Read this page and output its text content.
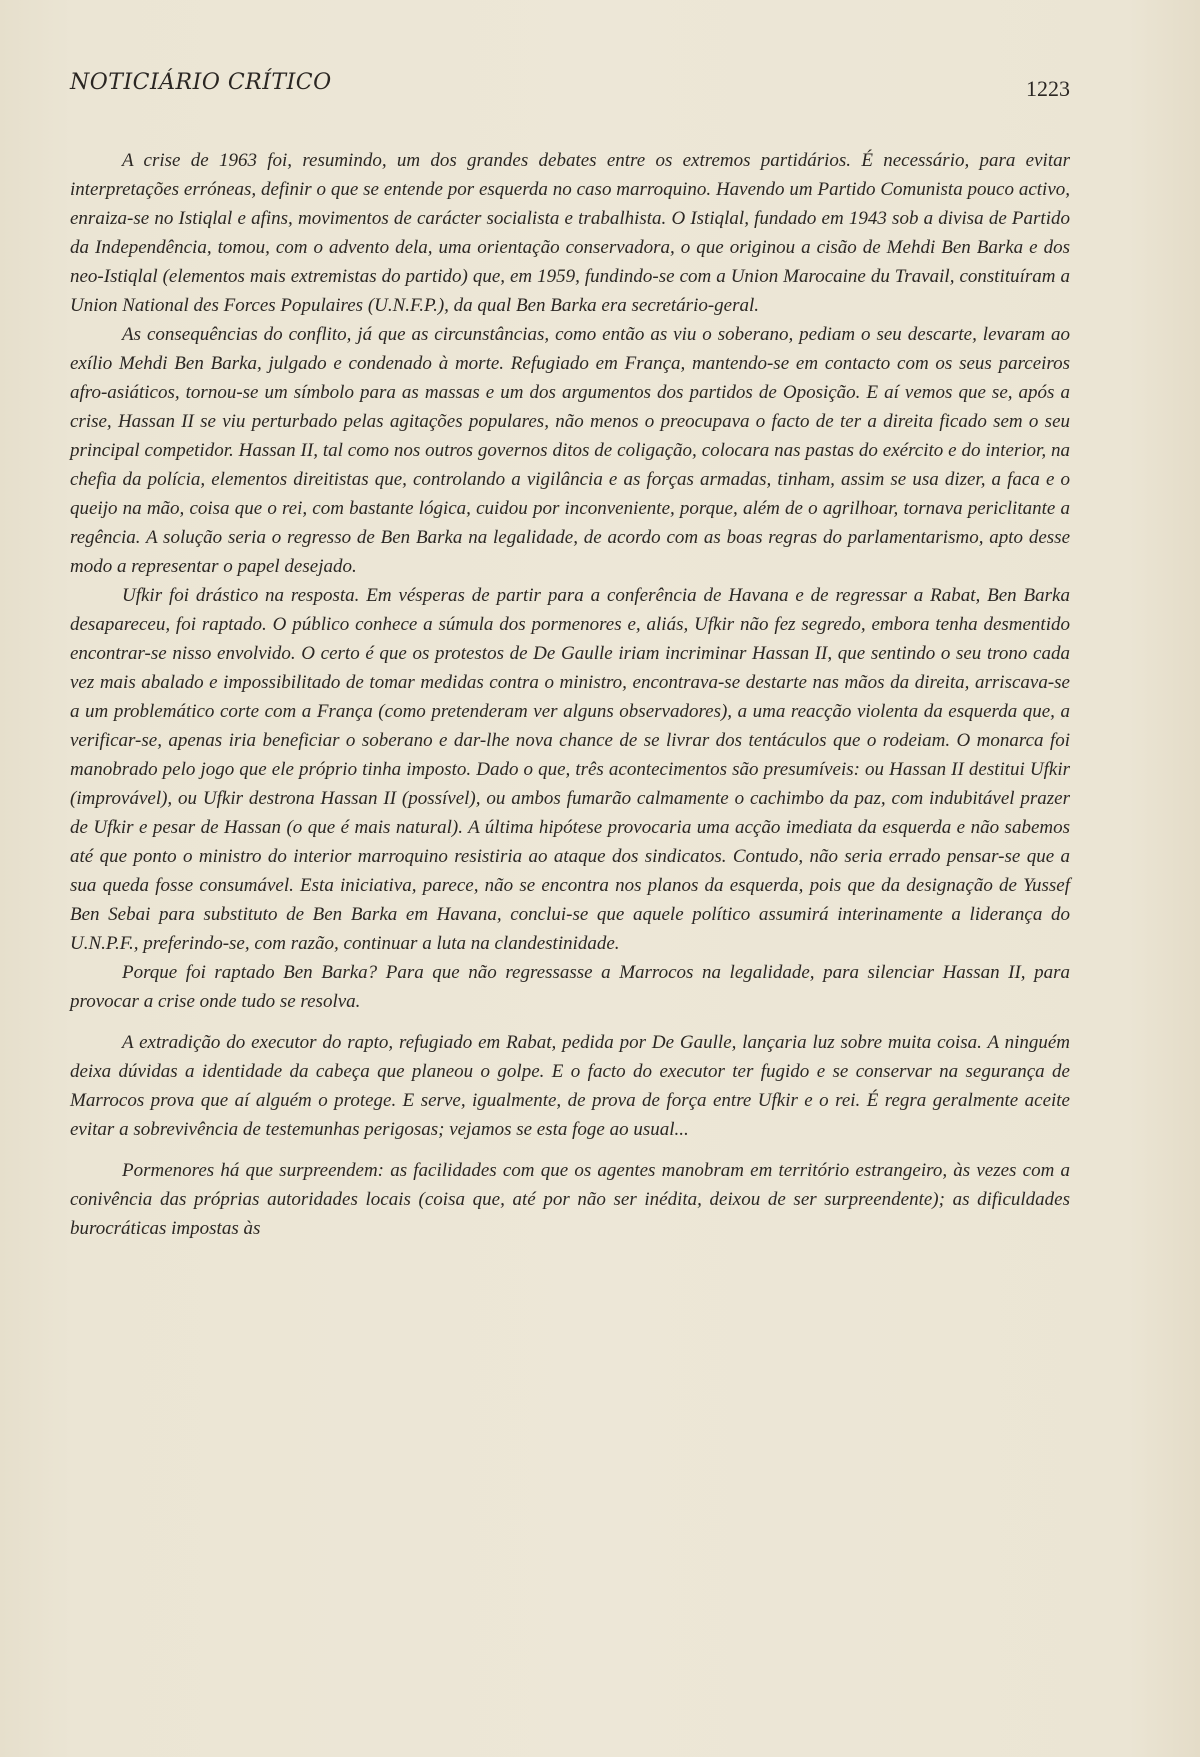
NOTICIÁRIO CRÍTICO	1223

A crise de 1963 foi, resumindo, um dos grandes debates entre os extremos partidários. É necessário, para evitar interpretações erróneas, definir o que se entende por esquerda no caso marroquino. Havendo um Partido Comunista pouco activo, enraiza-se no Istiqlal e afins, movimentos de carácter socialista e trabalhista. O Istiqlal, fundado em 1943 sob a divisa de Partido da Independência, tomou, com o advento dela, uma orientação conservadora, o que originou a cisão de Mehdi Ben Barka e dos neo-Istiqlal (elementos mais extremistas do partido) que, em 1959, fundindo-se com a Union Marocaine du Travail, constituíram a Union National des Forces Populaires (U.N.F.P.), da qual Ben Barka era secretário-geral.

As consequências do conflito, já que as circunstâncias, como então as viu o soberano, pediam o seu descarte, levaram ao exílio Mehdi Ben Barka, julgado e condenado à morte. Refugiado em França, mantendo-se em contacto com os seus parceiros afro-asiáticos, tornou-se um símbolo para as massas e um dos argumentos dos partidos de Oposição. E aí vemos que se, após a crise, Hassan II se viu perturbado pelas agitações populares, não menos o preocupava o facto de ter a direita ficado sem o seu principal competidor. Hassan II, tal como nos outros governos ditos de coligação, colocara nas pastas do exército e do interior, na chefia da polícia, elementos direitistas que, controlando a vigilância e as forças armadas, tinham, assim se usa dizer, a faca e o queijo na mão, coisa que o rei, com bastante lógica, cuidou por inconveniente, porque, além de o agrilhoar, tornava periclitante a regência. A solução seria o regresso de Ben Barka na legalidade, de acordo com as boas regras do parlamentarismo, apto desse modo a representar o papel desejado.

Ufkir foi drástico na resposta. Em vésperas de partir para a conferência de Havana e de regressar a Rabat, Ben Barka desapareceu, foi raptado. O público conhece a súmula dos pormenores e, aliás, Ufkir não fez segredo, embora tenha desmentido encontrar-se nisso envolvido. O certo é que os protestos de De Gaulle iriam incriminar Hassan II, que sentindo o seu trono cada vez mais abalado e impossibilitado de tomar medidas contra o ministro, encontrava-se destarte nas mãos da direita, arriscava-se a um problemático corte com a França (como pretenderam ver alguns observadores), a uma reacção violenta da esquerda que, a verificar-se, apenas iria beneficiar o soberano e dar-lhe nova chance de se livrar dos tentáculos que o rodeiam. O monarca foi manobrado pelo jogo que ele próprio tinha imposto. Dado o que, três acontecimentos são presumíveis: ou Hassan II destitui Ufkir (improvável), ou Ufkir destrona Hassan II (possível), ou ambos fumarão calmamente o cachimbo da paz, com indubitável prazer de Ufkir e pesar de Hassan (o que é mais natural). A última hipótese provocaria uma acção imediata da esquerda e não sabemos até que ponto o ministro do interior marroquino resistiria ao ataque dos sindicatos. Contudo, não seria errado pensar-se que a sua queda fosse consumável. Esta iniciativa, parece, não se encontra nos planos da esquerda, pois que da designação de Yussef Ben Sebai para substituto de Ben Barka em Havana, conclui-se que aquele político assumirá interinamente a liderança do U.N.P.F., preferindo-se, com razão, continuar a luta na clandestinidade.

Porque foi raptado Ben Barka? Para que não regressasse a Marrocos na legalidade, para silenciar Hassan II, para provocar a crise onde tudo se resolva.

A extradição do executor do rapto, refugiado em Rabat, pedida por De Gaulle, lançaria luz sobre muita coisa. A ninguém deixa dúvidas a identidade da cabeça que planeou o golpe. E o facto do executor ter fugido e se conservar na segurança de Marrocos prova que aí alguém o protege. E serve, igualmente, de prova de força entre Ufkir e o rei. É regra geralmente aceite evitar a sobrevivência de testemunhas perigosas; vejamos se esta foge ao usual...

Pormenores há que surpreendem: as facilidades com que os agentes manobram em território estrangeiro, às vezes com a conivência das próprias autoridades locais (coisa que, até por não ser inédita, deixou de ser surpreendente); as dificuldades burocráticas impostas às
